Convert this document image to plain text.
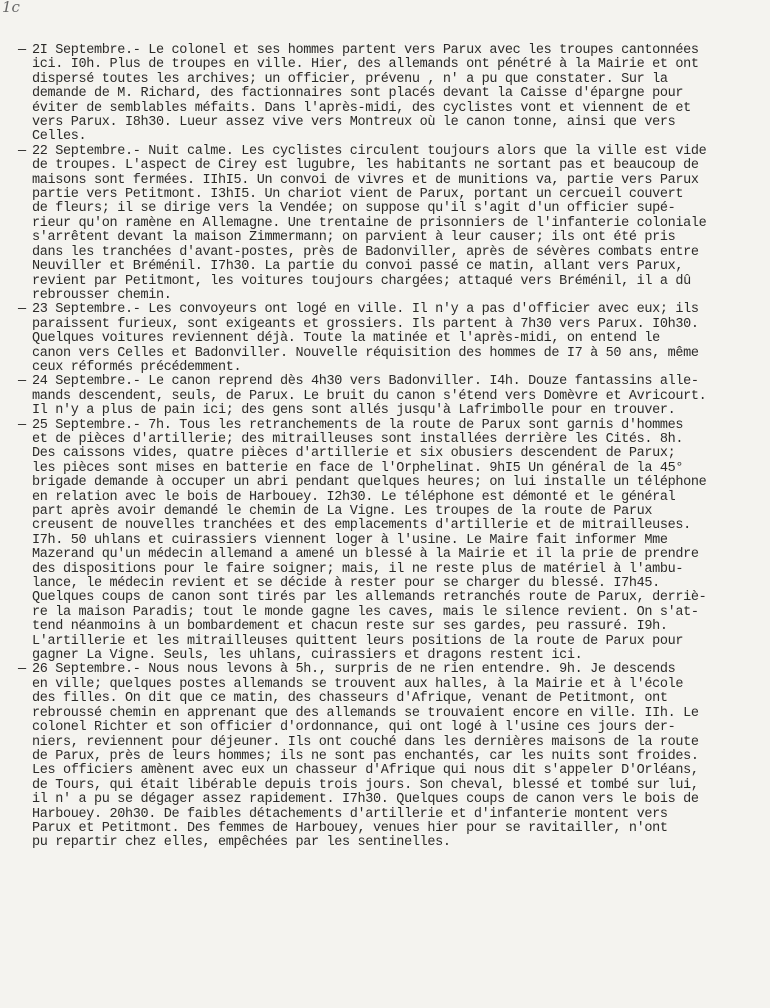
1c
— 2I Septembre.- Le colonel et ses hommes partent vers Parux avec les troupes cantonnées
ici. I0h. Plus de troupes en ville. Hier, des allemands ont pénétré à la Mairie et ont
dispersé toutes les archives; un officier, prévenu , n' a pu que constater. Sur la
demande de M. Richard, des factionnaires sont placés devant la Caisse d'épargne pour
éviter de semblables méfaits. Dans l'après-midi, des cyclistes vont et viennent de et
vers Parux. I8h30. Lueur assez vive vers Montreux où le canon tonne, ainsi que vers
Celles.
— 22 Septembre.- Nuit calme. Les cyclistes circulent toujours alors que la ville est vide
de troupes. L'aspect de Cirey est lugubre, les habitants ne sortant pas et beaucoup de
maisons sont fermées. IIhI5. Un convoi de vivres et de munitions va, partie vers Parux
partie vers Petitmont. I3hI5. Un chariot vient de Parux, portant un cercueil couvert
de fleurs; il se dirige vers la Vendée; on suppose qu'il s'agit d'un officier supé-
rieur qu'on ramène en Allemagne. Une trentaine de prisonniers de l'infanterie coloniale
s'arrêtent devant la maison Zimmermann; on parvient à leur causer; ils ont été pris
dans les tranchées d'avant-postes, près de Badonviller, après de sévères combats entre
Neuviller et Bréménil. I7h30. La partie du convoi passé ce matin, allant vers Parux,
revient par Petitmont, les voitures toujours chargées; attaqué vers Bréménil, il a dû
rebrousser chemin.
— 23 Septembre.- Les convoyeurs ont logé en ville. Il n'y a pas d'officier avec eux; ils
paraissent furieux, sont exigeants et grossiers. Ils partent à 7h30 vers Parux. I0h30.
Quelques voitures reviennent déjà. Toute la matinée et l'après-midi, on entend le
canon vers Celles et Badonviller. Nouvelle réquisition des hommes de I7 à 50 ans, même
ceux réformés précédemment.
— 24 Septembre.- Le canon reprend dès 4h30 vers Badonviller. I4h. Douze fantassins alle-
mands descendent, seuls, de Parux. Le bruit du canon s'étend vers Domèvre et Avricourt.
Il n'y a plus de pain ici; des gens sont allés jusqu'à Lafrimbolle pour en trouver.
— 25 Septembre.- 7h. Tous les retranchements de la route de Parux sont garnis d'hommes
et de pièces d'artillerie; des mitrailleuses sont installées derrière les Cités. 8h.
Des caissons vides, quatre pièces d'artillerie et six obusiers descendent de Parux;
les pièces sont mises en batterie en face de l'Orphelinat. 9hI5 Un général de la 45°
brigade demande à occuper un abri pendant quelques heures; on lui installe un téléphone
en relation avec le bois de Harbouey. I2h30. Le téléphone est démonté et le général
part après avoir demandé le chemin de La Vigne. Les troupes de la route de Parux
creusent de nouvelles tranchées et des emplacements d'artillerie et de mitrailleuses.
I7h. 50 uhlans et cuirassiers viennent loger à l'usine. Le Maire fait informer Mme
Mazerand qu'un médecin allemand a amené un blessé à la Mairie et il la prie de prendre
des dispositions pour le faire soigner; mais, il ne reste plus de matériel à l'ambu-
lance, le médecin revient et se décide à rester pour se charger du blessé. I7h45.
Quelques coups de canon sont tirés par les allemands retranchés route de Parux, derriè-
re la maison Paradis; tout le monde gagne les caves, mais le silence revient. On s'at-
tend néanmoins à un bombardement et chacun reste sur ses gardes, peu rassuré. I9h.
L'artillerie et les mitrailleuses quittent leurs positions de la route de Parux pour
gagner La Vigne. Seuls, les uhlans, cuirassiers et dragons restent ici.
— 26 Septembre.- Nous nous levons à 5h., surpris de ne rien entendre. 9h. Je descends
en ville; quelques postes allemands se trouvent aux halles, à la Mairie et à l'école
des filles. On dit que ce matin, des chasseurs d'Afrique, venant de Petitmont, ont
rebroussé chemin en apprenant que des allemands se trouvaient encore en ville. IIh. Le
colonel Richter et son officier d'ordonnance, qui ont logé à l'usine ces jours der-
niers, reviennent pour déjeuner. Ils ont couché dans les dernières maisons de la route
de Parux, près de leurs hommes; ils ne sont pas enchantés, car les nuits sont froides.
Les officiers amènent avec eux un chasseur d'Afrique qui nous dit s'appeler D'Orléans,
de Tours, qui était libérable depuis trois jours. Son cheval, blessé et tombé sur lui,
il n' a pu se dégager assez rapidement. I7h30. Quelques coups de canon vers le bois de
Harbouey. 20h30. De faibles détachements d'artillerie et d'infanterie montent vers
Parux et Petitmont. Des femmes de Harbouey, venues hier pour se ravitailler, n'ont
pu repartir chez elles, empêchées par les sentinelles.
